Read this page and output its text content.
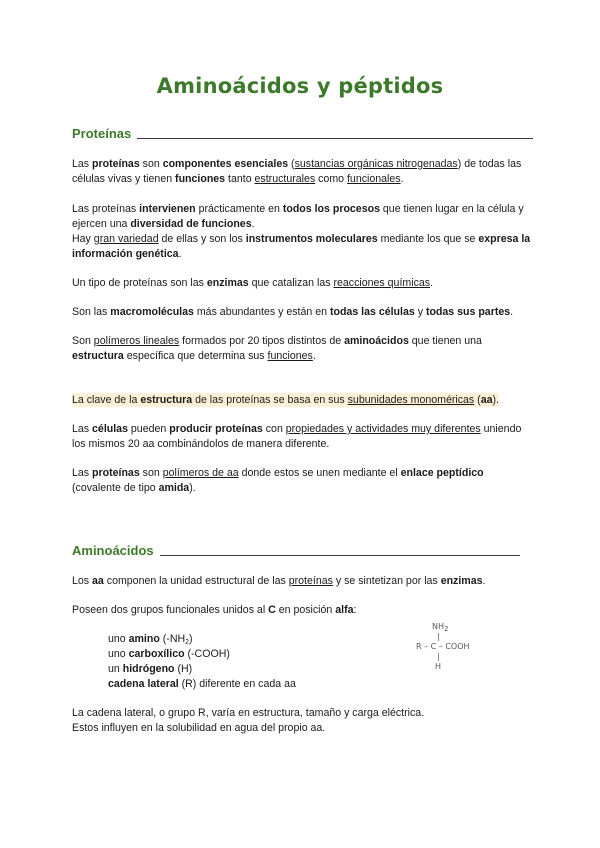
Aminoácidos y péptidos
Proteínas
Las proteínas son componentes esenciales (sustancias orgánicas nitrogenadas) de todas las células vivas y tienen funciones tanto estructurales como funcionales.
Las proteínas intervienen prácticamente en todos los procesos que tienen lugar en la célula y ejercen una diversidad de funciones.
Hay gran variedad de ellas y son los instrumentos moleculares mediante los que se expresa la información genética.
Un tipo de proteínas son las enzimas que catalizan las reacciones químicas.
Son las macromoléculas más abundantes y están en todas las células y todas sus partes.
Son polímeros lineales formados por 20 tipos distintos de aminoácidos que tienen una estructura específica que determina sus funciones.
La clave de la estructura de las proteínas se basa en sus subunidades monoméricas (aa).
Las células pueden producir proteínas con propiedades y actividades muy diferentes uniendo los mismos 20 aa combinándolos de manera diferente.
Las proteínas son polímeros de aa donde estos se unen mediante el enlace peptídico (covalente de tipo amida).
Aminoácidos
Los aa componen la unidad estructural de las proteínas y se sintetizan por las enzimas.
Poseen dos grupos funcionales unidos al C en posición alfa:
uno amino $(-NH_2)$
uno carboxílico (-COOH)
un hidrógeno (H)
cadena lateral (R) diferente en cada aa
$NH_2$
|
R – C – COOH
|
H
La cadena lateral, o grupo R, varía en estructura, tamaño y carga eléctrica.
Estos influyen en la solubilidad en agua del propio aa.
